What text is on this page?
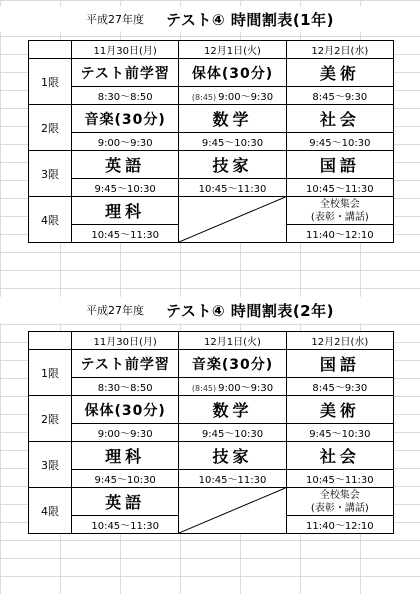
平成27年度 テスト④ 時間割表(1年)
	11月30日(月)	12月1日(火)	12月2日(水)
1限	テスト前学習	保体(30分)	美術
	8:30～8:50	(8:45) 9:00～9:30	8:45～9:30
2限	音楽(30分)	数学	社会
	9:00～9:30	9:45～10:30	9:45～10:30
3限	英語	技家	国語
	9:45～10:30	10:45～11:30	10:45～11:30
4限	理科		全校集会
(表彰・講話)
	10:45～11:30		11:40～12:10
平成27年度 テスト④ 時間割表(2年)
	11月30日(月)	12月1日(火)	12月2日(水)
1限	テスト前学習	音楽(30分)	国語
	8:30～8:50	(8:45) 9:00～9:30	8:45～9:30
2限	保体(30分)	数学	美術
	9:00～9:30	9:45～10:30	9:45～10:30
3限	理科	技家	社会
	9:45～10:30	10:45～11:30	10:45～11:30
4限	英語		全校集会
(表彰・講話)
	10:45～11:30		11:40～12:10
